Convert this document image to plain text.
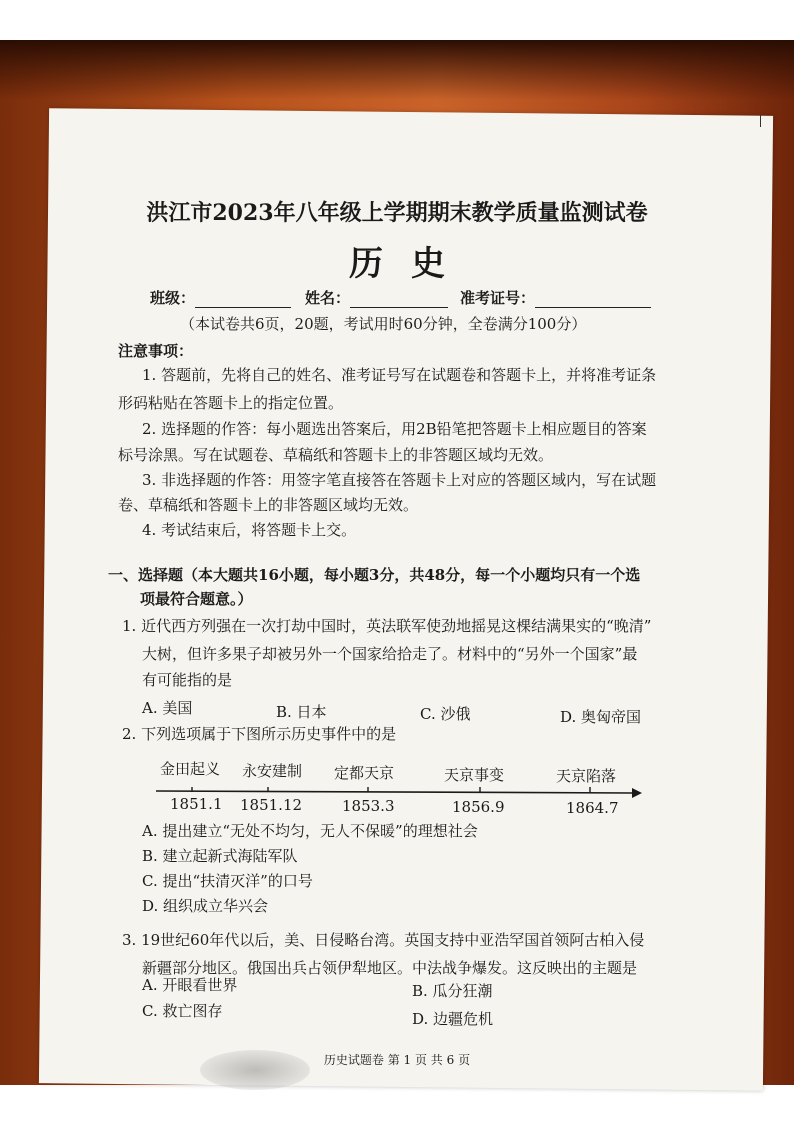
洪江市2023年八年级上学期期末教学质量监测试卷
历史
班级：	姓名：	准考证号：
（本试卷共6页，20题，考试用时60分钟，全卷满分100分）
注意事项：
1. 答题前，先将自己的姓名、准考证号写在试题卷和答题卡上，并将准考证条
形码粘贴在答题卡上的指定位置。
2. 选择题的作答：每小题选出答案后，用2B铅笔把答题卡上相应题目的答案
标号涂黑。写在试题卷、草稿纸和答题卡上的非答题区域均无效。
3. 非选择题的作答：用签字笔直接答在答题卡上对应的答题区域内，写在试题
卷、草稿纸和答题卡上的非答题区域均无效。
4. 考试结束后，将答题卡上交。
一、选择题（本大题共16小题，每小题3分，共48分，每一个小题均只有一个选
项最符合题意。）
1. 近代西方列强在一次打劫中国时，英法联军使劲地摇晃这棵结满果实的“晚清”
大树，但许多果子却被另外一个国家给拾走了。材料中的“另外一个国家”最
有可能指的是
A. 美国	B. 日本	C. 沙俄	D. 奥匈帝国
2. 下列选项属于下图所示历史事件中的是
金田起义 永安建制 定都天京	天京事变	天京陷落
1851.1 1851.12	1853.3	1856.9	1864.7
A. 提出建立“无处不均匀，无人不保暖”的理想社会
B. 建立起新式海陆军队
C. 提出“扶清灭洋”的口号
D. 组织成立华兴会
3. 19世纪60年代以后，美、日侵略台湾。英国支持中亚浩罕国首领阿古柏入侵
新疆部分地区。俄国出兵占领伊犁地区。中法战争爆发。这反映出的主题是
A. 开眼看世界	B. 瓜分狂潮
C. 救亡图存	D. 边疆危机
历史试题卷 第 1 页 共 6 页
